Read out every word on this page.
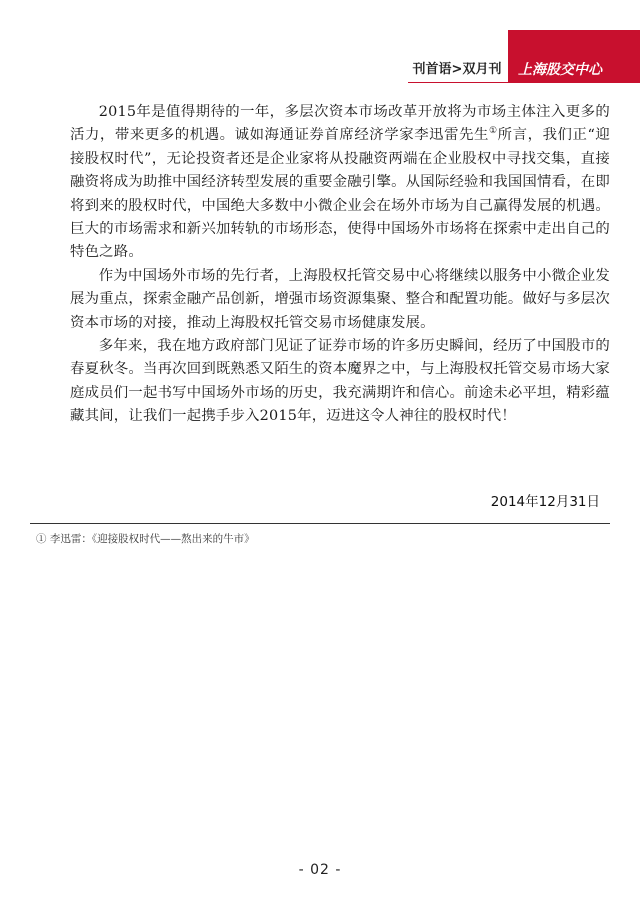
刊首语>双月刊	上海股交中心

2015年是值得期待的一年，多层次资本市场改革开放将为市场主体注入更多的活力，带来更多的机遇。诚如海通证券首席经济学家李迅雷先生①所言，我们正“迎接股权时代”，无论投资者还是企业家将从投融资两端在企业股权中寻找交集，直接融资将成为助推中国经济转型发展的重要金融引擎。从国际经验和我国国情看，在即将到来的股权时代，中国绝大多数中小微企业会在场外市场为自己赢得发展的机遇。巨大的市场需求和新兴加转轨的市场形态，使得中国场外市场将在探索中走出自己的特色之路。

作为中国场外市场的先行者，上海股权托管交易中心将继续以服务中小微企业发展为重点，探索金融产品创新，增强市场资源集聚、整合和配置功能。做好与多层次资本市场的对接，推动上海股权托管交易市场健康发展。

多年来，我在地方政府部门见证了证券市场的许多历史瞬间，经历了中国股市的春夏秋冬。当再次回到既熟悉又陌生的资本魔界之中，与上海股权托管交易市场大家庭成员们一起书写中国场外市场的历史，我充满期许和信心。前途未必平坦，精彩蕴藏其间，让我们一起携手步入2015年，迈进这令人神往的股权时代！

2014年12月31日
① 李迅雷：《迎接股权时代——熬出来的牛市》
- 02 -
